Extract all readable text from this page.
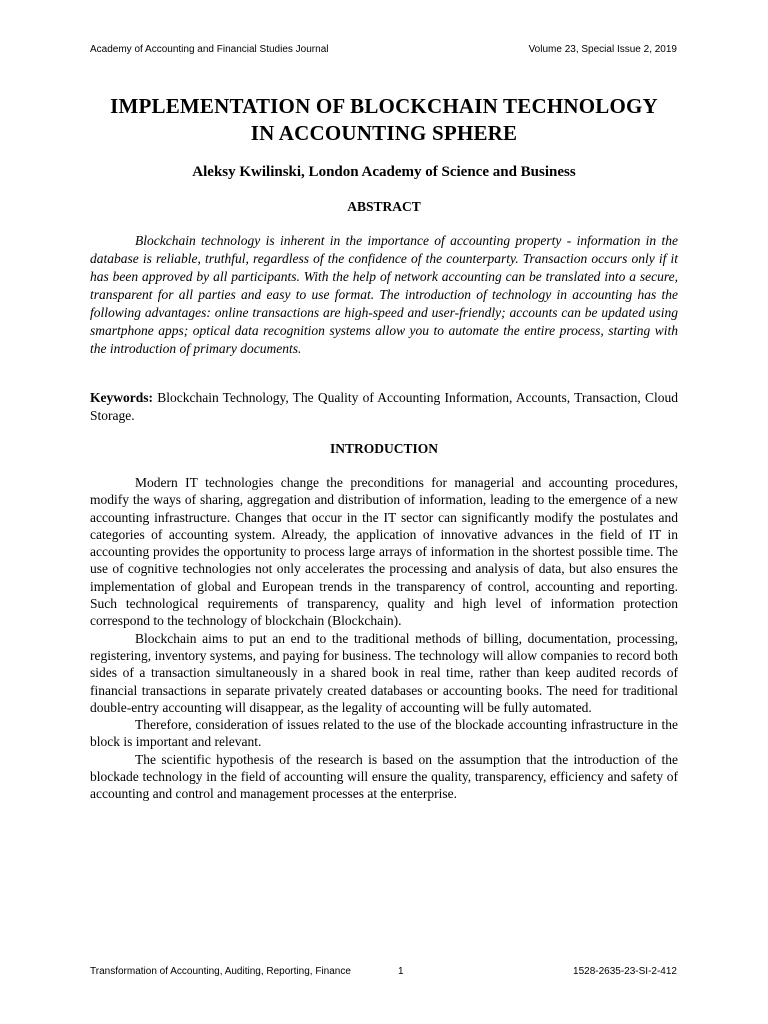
Academy of Accounting and Financial Studies Journal	Volume 23, Special Issue 2, 2019
IMPLEMENTATION OF BLOCKCHAIN TECHNOLOGY
IN ACCOUNTING SPHERE
Aleksy Kwilinski, London Academy of Science and Business
ABSTRACT

Blockchain technology is inherent in the importance of accounting property - information in the database is reliable, truthful, regardless of the confidence of the counterparty. Transaction occurs only if it has been approved by all participants. With the help of network accounting can be translated into a secure, transparent for all parties and easy to use format. The introduction of technology in accounting has the following advantages: online transactions are high-speed and user-friendly; accounts can be updated using smartphone apps; optical data recognition systems allow you to automate the entire process, starting with the introduction of primary documents.

Keywords: Blockchain Technology, The Quality of Accounting Information, Accounts, Transaction, Cloud Storage.

INTRODUCTION

Modern IT technologies change the preconditions for managerial and accounting procedures, modify the ways of sharing, aggregation and distribution of information, leading to the emergence of a new accounting infrastructure. Changes that occur in the IT sector can significantly modify the postulates and categories of accounting system. Already, the application of innovative advances in the field of IT in accounting provides the opportunity to process large arrays of information in the shortest possible time. The use of cognitive technologies not only accelerates the processing and analysis of data, but also ensures the implementation of global and European trends in the transparency of control, accounting and reporting. Such technological requirements of transparency, quality and high level of information protection correspond to the technology of blockchain (Blockchain).

Blockchain aims to put an end to the traditional methods of billing, documentation, processing, registering, inventory systems, and paying for business. The technology will allow companies to record both sides of a transaction simultaneously in a shared book in real time, rather than keep audited records of financial transactions in separate privately created databases or accounting books. The need for traditional double-entry accounting will disappear, as the legality of accounting will be fully automated.

Therefore, consideration of issues related to the use of the blockade accounting infrastructure in the block is important and relevant.

The scientific hypothesis of the research is based on the assumption that the introduction of the blockade technology in the field of accounting will ensure the quality, transparency, efficiency and safety of accounting and control and management processes at the enterprise.

Transformation of Accounting, Auditing, Reporting, Finance	1	1528-2635-23-SI-2-412
